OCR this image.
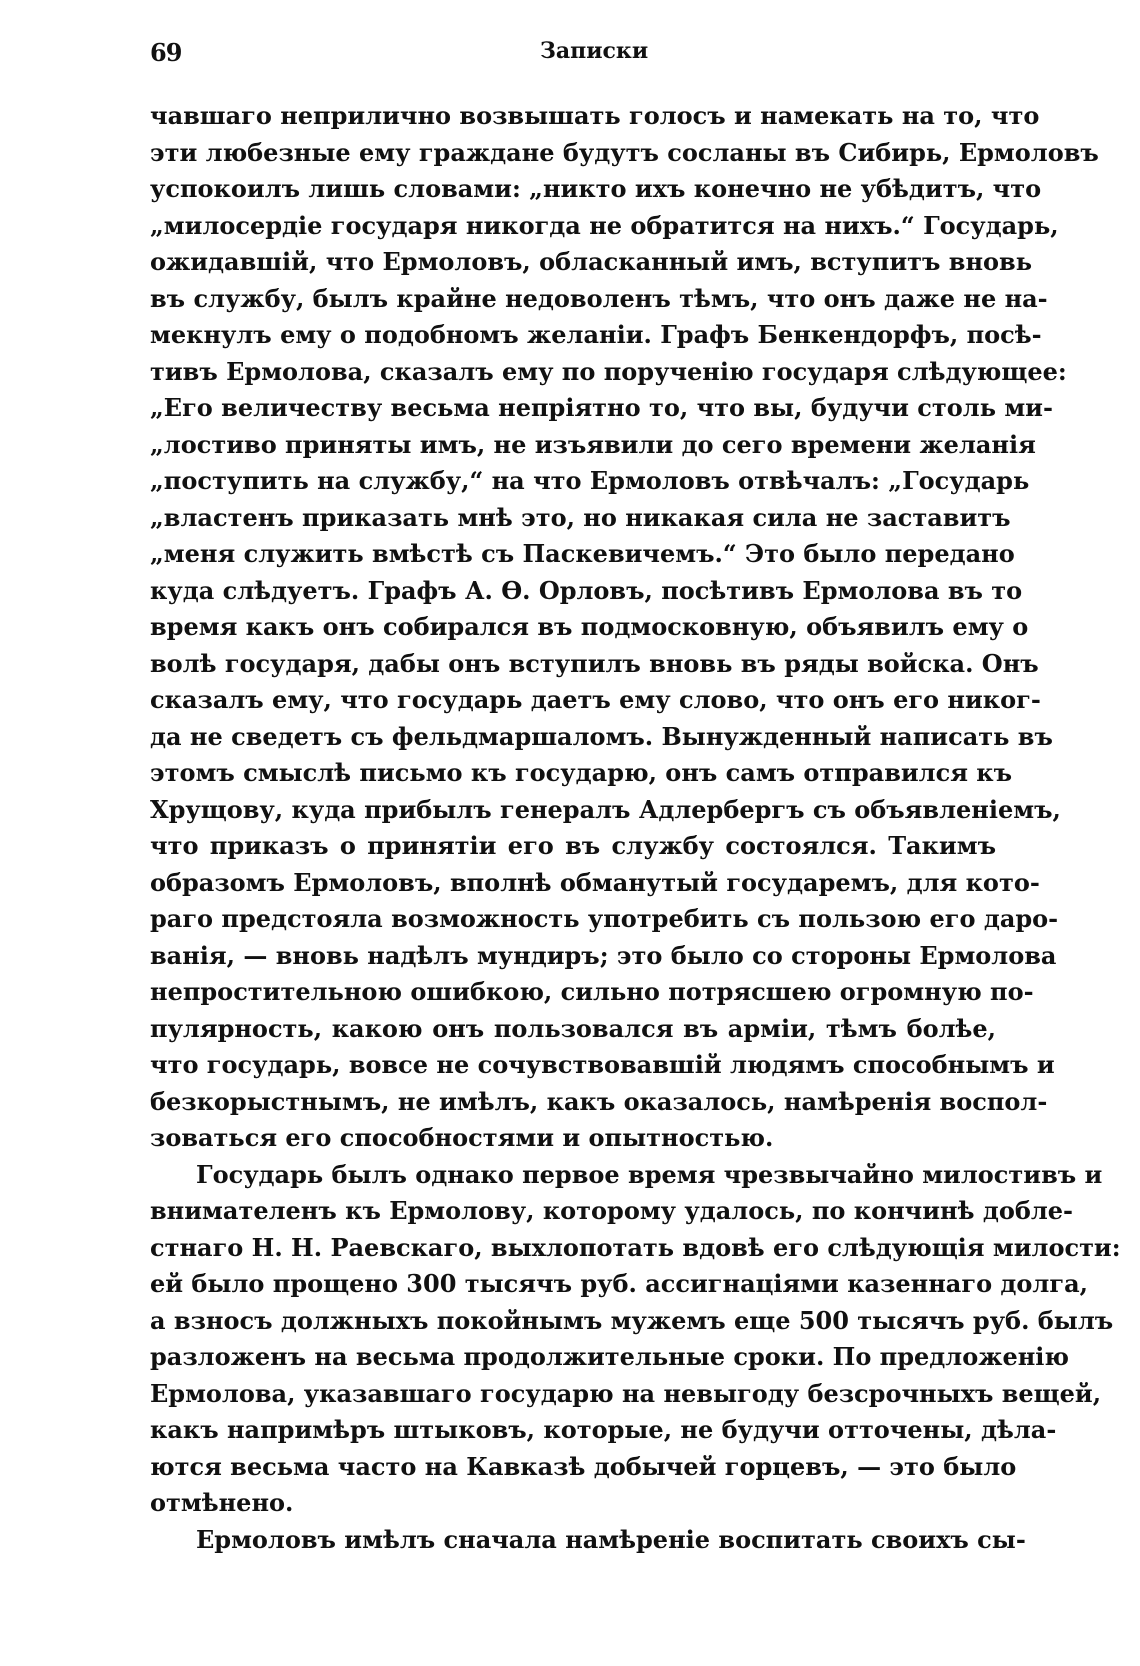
69	Записки
чавшаго неприлично возвышать голосъ и намекать на то, что
эти любезные ему граждане будутъ сосланы въ Сибирь, Ермоловъ
успокоилъ лишь словами: „никто ихъ конечно не убѣдитъ, что
„милосердіе государя никогда не обратится на нихъ.“ Государь,
ожидавшій, что Ермоловъ, обласканный имъ, вступитъ вновь
въ службу, былъ крайне недоволенъ тѣмъ, что онъ даже не на-
мекнулъ ему о подобномъ желаніи. Графъ Бенкендорфъ, посѣ-
тивъ Ермолова, сказалъ ему по порученію государя слѣдующее:
„Его величеству весьма непріятно то, что вы, будучи столь ми-
„лостиво приняты имъ, не изъявили до сего времени желанія
„поступить на службу,“ на что Ермоловъ отвѣчалъ: „Государь
„властенъ приказать мнѣ это, но никакая сила не заставитъ
„меня служить вмѣстѣ съ Паскевичемъ.“ Это было передано
куда слѣдуетъ. Графъ А. Ѳ. Орловъ, посѣтивъ Ермолова въ то
время какъ онъ собирался въ подмосковную, объявилъ ему о
волѣ государя, дабы онъ вступилъ вновь въ ряды войска. Онъ
сказалъ ему, что государь даетъ ему слово, что онъ его никог-
да не сведетъ съ фельдмаршаломъ. Вынужденный написать въ
этомъ смыслѣ письмо къ государю, онъ самъ отправился къ
Хрущову, куда прибылъ генералъ Адлербергъ съ объявленіемъ,
что приказъ о принятіи его въ службу состоялся. Такимъ
образомъ Ермоловъ, вполнѣ обманутый государемъ, для кото-
раго предстояла возможность употребить съ пользою его даро-
ванія, — вновь надѣлъ мундиръ; это было со стороны Ермолова
непростительною ошибкою, сильно потрясшею огромную по-
пулярность, какою онъ пользовался въ арміи, тѣмъ болѣе,
что государь, вовсе не сочувствовавшій людямъ способнымъ и
безкорыстнымъ, не имѣлъ, какъ оказалось, намѣренія воспол-
зоваться его способностями и опытностью.
Государь былъ однако первое время чрезвычайно милостивъ и
внимателенъ къ Ермолову, которому удалось, по кончинѣ добле-
стнаго Н. Н. Раевскаго, выхлопотать вдовѣ его слѣдующія милости:
ей было прощено 300 тысячъ руб. ассигнаціями казеннаго долга,
а взносъ должныхъ покойнымъ мужемъ еще 500 тысячъ руб. былъ
разложенъ на весьма продолжительные сроки. По предложенію
Ермолова, указавшаго государю на невыгоду безсрочныхъ вещей,
какъ напримѣръ штыковъ, которые, не будучи отточены, дѣла-
ются весьма часто на Кавказѣ добычей горцевъ, — это было
отмѣнено.
Ермоловъ имѣлъ сначала намѣреніе воспитать своихъ сы-
